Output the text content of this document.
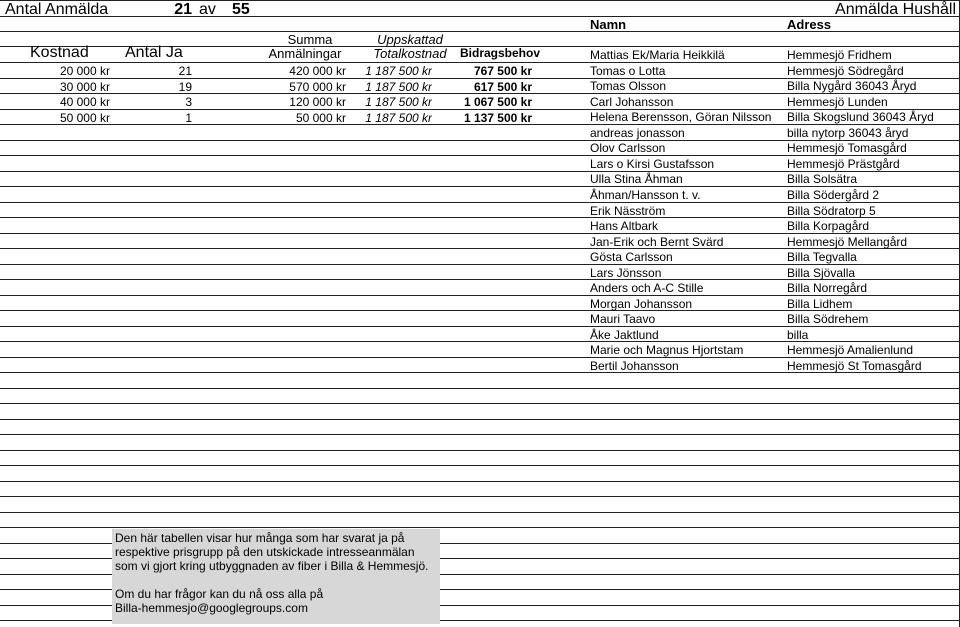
Antal Anmälda	21 av	55	Anmälda Hushåll
Namn	Adress
Kostnad	Antal Ja
Summa
Anmälningar
Uppskattad
Totalkostnad	Bidragsbehov
20 000 kr	21	420 000 kr	1 187 500 kr	767 500 kr
30 000 kr	19	570 000 kr	1 187 500 kr	617 500 kr
40 000 kr	3	120 000 kr	1 187 500 kr	1 067 500 kr
50 000 kr	1	50 000 kr	1 187 500 kr	1 137 500 kr
Mattias Ek/Maria Heikkilä	Hemmesjö Fridhem
Tomas o Lotta	Hemmesjö Södregård
Tomas Olsson	Billa Nygård 36043 Åryd
Carl Johansson	Hemmesjö Lunden
Helena Berensson, Göran Nilsson	Billa Skogslund 36043 Åryd
andreas jonasson	billa nytorp 36043 åryd
Olov Carlsson	Hemmesjö Tomasgård
Lars o Kirsi Gustafsson	Hemmesjö Prästgård
Ulla Stina Åhman	Billa Solsätra
Åhman/Hansson t. v.	Billa Södergård 2
Erik Näsström	Billa Södratorp 5
Hans Altbark	Billa Korpagård
Jan-Erik och Bernt Svärd	Hemmesjö Mellangård
Gösta Carlsson	Billa Tegvalla
Lars Jönsson	Billa Sjövalla
Anders och A-C Stille	Billa Norregård
Morgan Johansson	Billa Lidhem
Mauri Taavo	Billa Södrehem
Åke Jaktlund	billa
Marie och Magnus Hjortstam	Hemmesjö Amalienlund
Bertil Johansson	Hemmesjö St Tomasgård

Den här tabellen visar hur många som har svarat ja på

respektive prisgrupp på den utskickade intresseanmälan

som vi gjort kring utbyggnaden av fiber i Billa & Hemmesjö.

Om du har frågor kan du nå oss alla på

Billa-hemmesjo@googlegroups.com
